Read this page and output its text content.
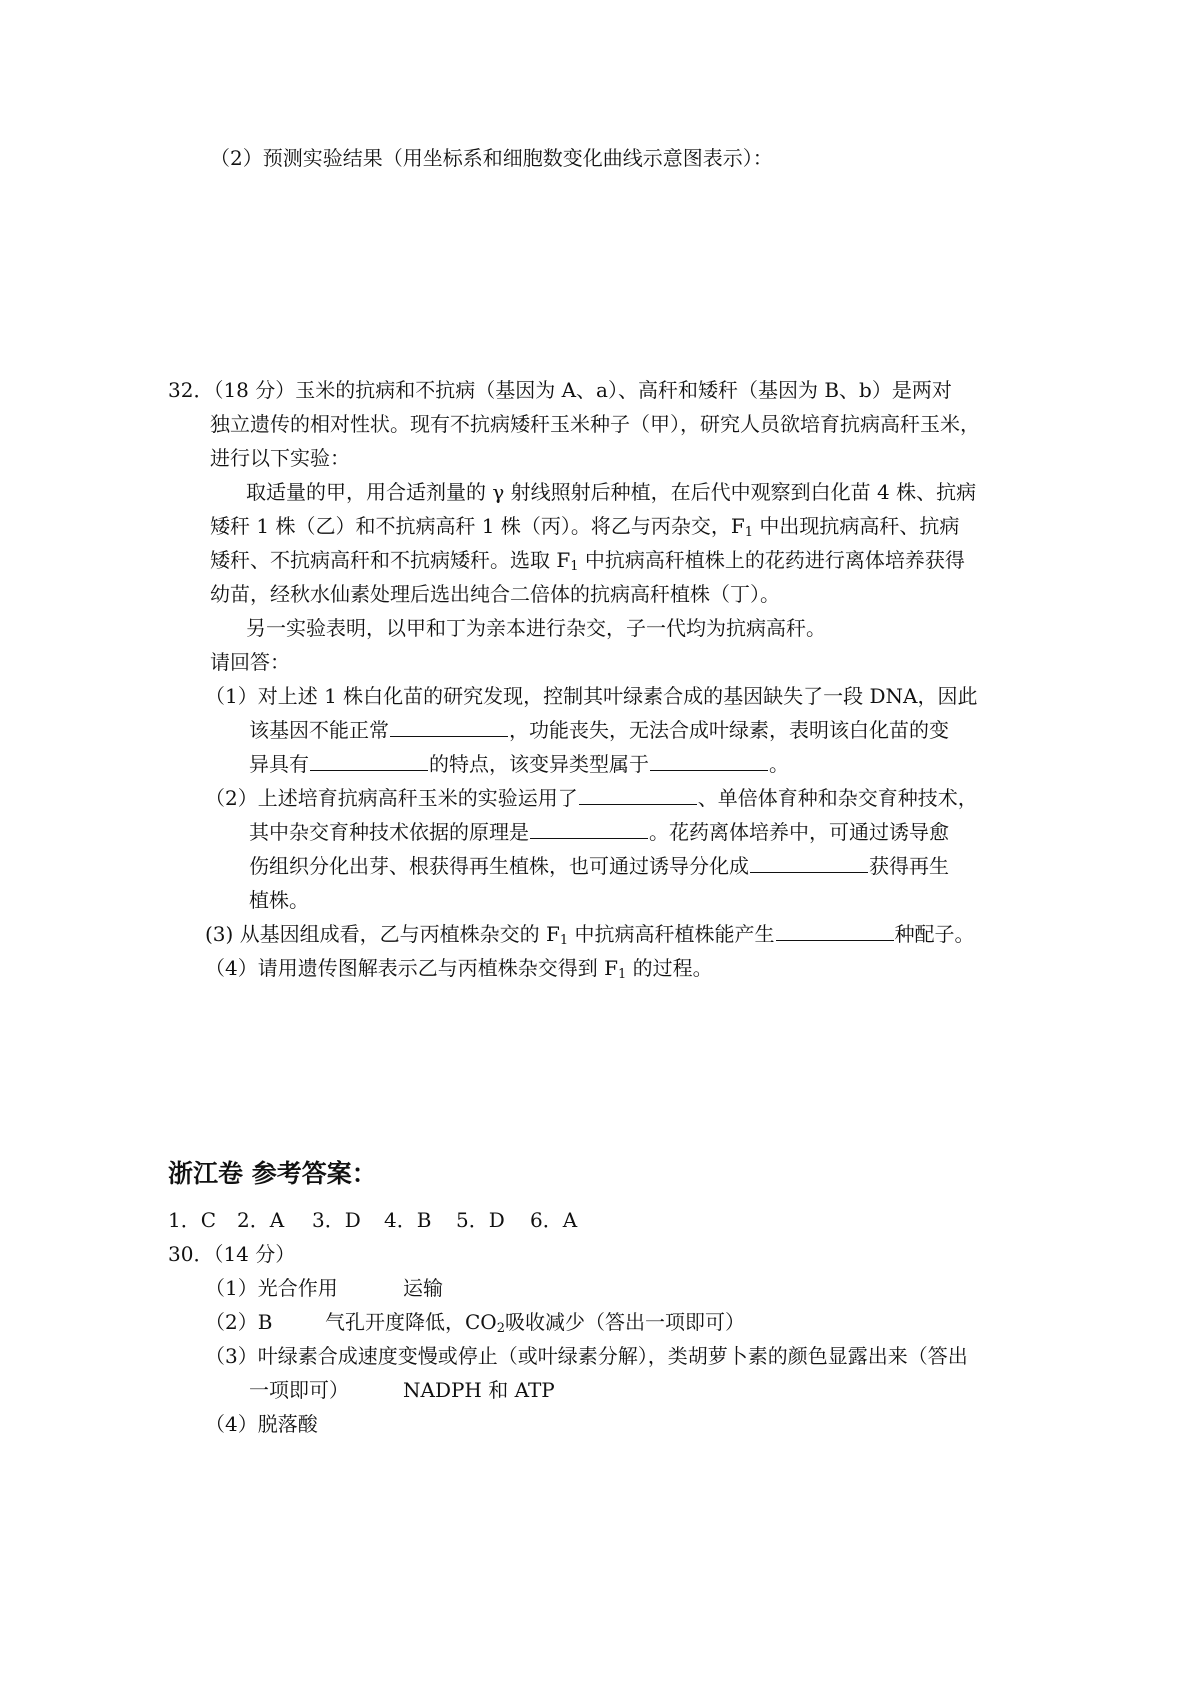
（2）预测实验结果（用坐标系和细胞数变化曲线示意图表示）：
32．（18 分）玉米的抗病和不抗病（基因为 A、a）、高秆和矮秆（基因为 B、b）是两对
独立遗传的相对性状。现有不抗病矮秆玉米种子（甲），研究人员欲培育抗病高秆玉米，
进行以下实验：
取适量的甲，用合适剂量的 γ 射线照射后种植，在后代中观察到白化苗 4 株、抗病
矮秆 1 株（乙）和不抗病高秆 1 株（丙）。将乙与丙杂交，$F_1$ 中出现抗病高秆、抗病
矮秆、不抗病高秆和不抗病矮秆。选取 $F_1$ 中抗病高秆植株上的花药进行离体培养获得
幼苗，经秋水仙素处理后选出纯合二倍体的抗病高秆植株（丁）。
另一实验表明，以甲和丁为亲本进行杂交，子一代均为抗病高秆。
请回答：
（1）对上述 1 株白化苗的研究发现，控制其叶绿素合成的基因缺失了一段 DNA，因此
该基因不能正常	，功能丧失，无法合成叶绿素，表明该白化苗的变
异具有	的特点，该变异类型属于	。
（2）上述培育抗病高秆玉米的实验运用了	、单倍体育种和杂交育种技术，
其中杂交育种技术依据的原理是	。花药离体培养中，可通过诱导愈
伤组织分化出芽、根获得再生植株，也可通过诱导分化成	获得再生
植株。
(3) 从基因组成看，乙与丙植株杂交的 $F_1$ 中抗病高秆植株能产生	种配子。
（4）请用遗传图解表示乙与丙植株杂交得到 $F_1$ 的过程。
浙江卷 参考答案：
1．C 2．A 3．D 4．B 5．D 6．A
30．（14 分）
（1）光合作用	运输
（2）B	气孔开度降低，$CO_2$吸收减少（答出一项即可）
（3）叶绿素合成速度变慢或停止（或叶绿素分解），类胡萝卜素的颜色显露出来（答出
一项即可）	NADPH 和 ATP
（4）脱落酸
